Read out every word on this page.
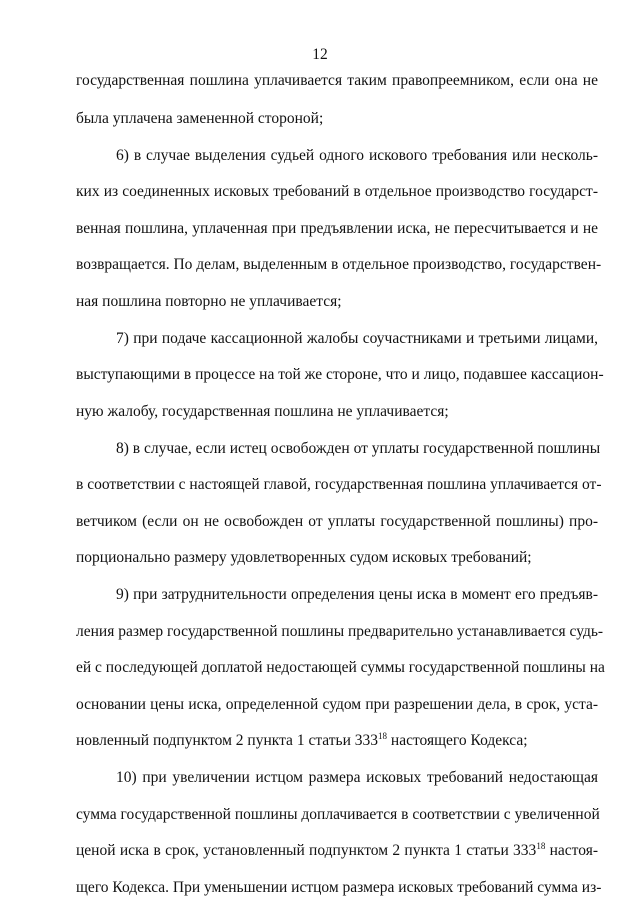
12
государственная пошлина уплачивается таким правопреемником, если она не
была уплачена замененной стороной;
6) в случае выделения судьей одного искового требования или несколь-
ких из соединенных исковых требований в отдельное производство государст-
венная пошлина, уплаченная при предъявлении иска, не пересчитывается и не
возвращается. По делам, выделенным в отдельное производство, государствен-
ная пошлина повторно не уплачивается;
7) при подаче кассационной жалобы соучастниками и третьими лицами,
выступающими в процессе на той же стороне, что и лицо, подавшее кассацион-
ную жалобу, государственная пошлина не уплачивается;
8) в случае, если истец освобожден от уплаты государственной пошлины
в соответствии с настоящей главой, государственная пошлина уплачивается от-
ветчиком (если он не освобожден от уплаты государственной пошлины) про-
порционально размеру удовлетворенных судом исковых требований;
9) при затруднительности определения цены иска в момент его предъяв-
ления размер государственной пошлины предварительно устанавливается судь-
ей с последующей доплатой недостающей суммы государственной пошлины на
основании цены иска, определенной судом при разрешении дела, в срок, уста-
новленный подпунктом 2 пункта 1 статьи $333^{18}$ настоящего Кодекса;
10) при увеличении истцом размера исковых требований недостающая
сумма государственной пошлины доплачивается в соответствии с увеличенной
ценой иска в срок, установленный подпунктом 2 пункта 1 статьи $333^{18}$ настоя-
щего Кодекса. При уменьшении истцом размера исковых требований сумма из-
